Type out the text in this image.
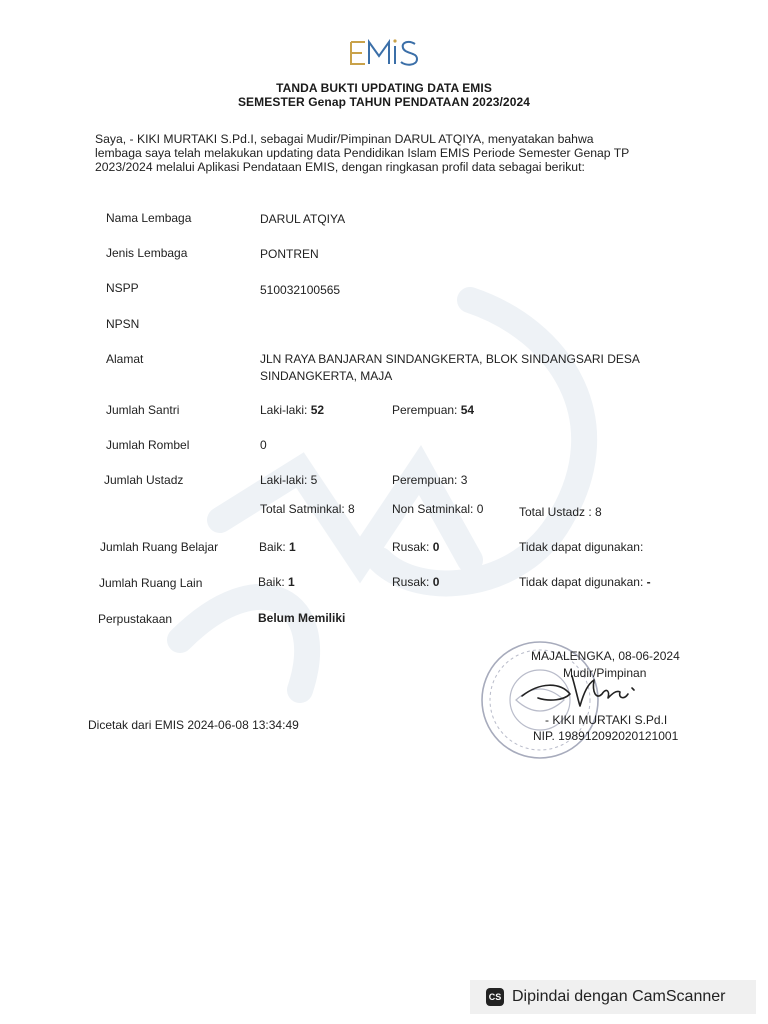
TANDA BUKTI UPDATING DATA EMIS
SEMESTER Genap TAHUN PENDATAAN 2023/2024
Saya, - KIKI MURTAKI S.Pd.I, sebagai Mudir/Pimpinan DARUL ATQIYA, menyatakan bahwa
lembaga saya telah melakukan updating data Pendidikan Islam EMIS Periode Semester Genap TP
2023/2024 melalui Aplikasi Pendataan EMIS, dengan ringkasan profil data sebagai berikut:
Nama Lembaga	DARUL ATQIYA
Jenis Lembaga	PONTREN
NSPP	510032100565
NPSN
Alamat	JLN RAYA BANJARAN SINDANGKERTA, BLOK SINDANGSARI DESA
SINDANGKERTA, MAJA
Jumlah Santri	Laki-laki: 52	Perempuan: 54
Jumlah Rombel	0
Jumlah Ustadz	Laki-laki: 5	Perempuan: 3
Total Satminkal: 8	Non Satminkal: 0	Total Ustadz : 8
Jumlah Ruang Belajar	Baik: 1	Rusak: 0	Tidak dapat digunakan:
Jumlah Ruang Lain	Baik: 1	Rusak: 0	Tidak dapat digunakan: -
Perpustakaan	Belum Memiliki
Dicetak dari EMIS 2024-06-08 13:34:49
MAJALENGKA, 08-06-2024
Mudir/Pimpinan
- KIKI MURTAKI S.Pd.I
NIP. 198912092020121001
CS Dipindai dengan CamScanner
